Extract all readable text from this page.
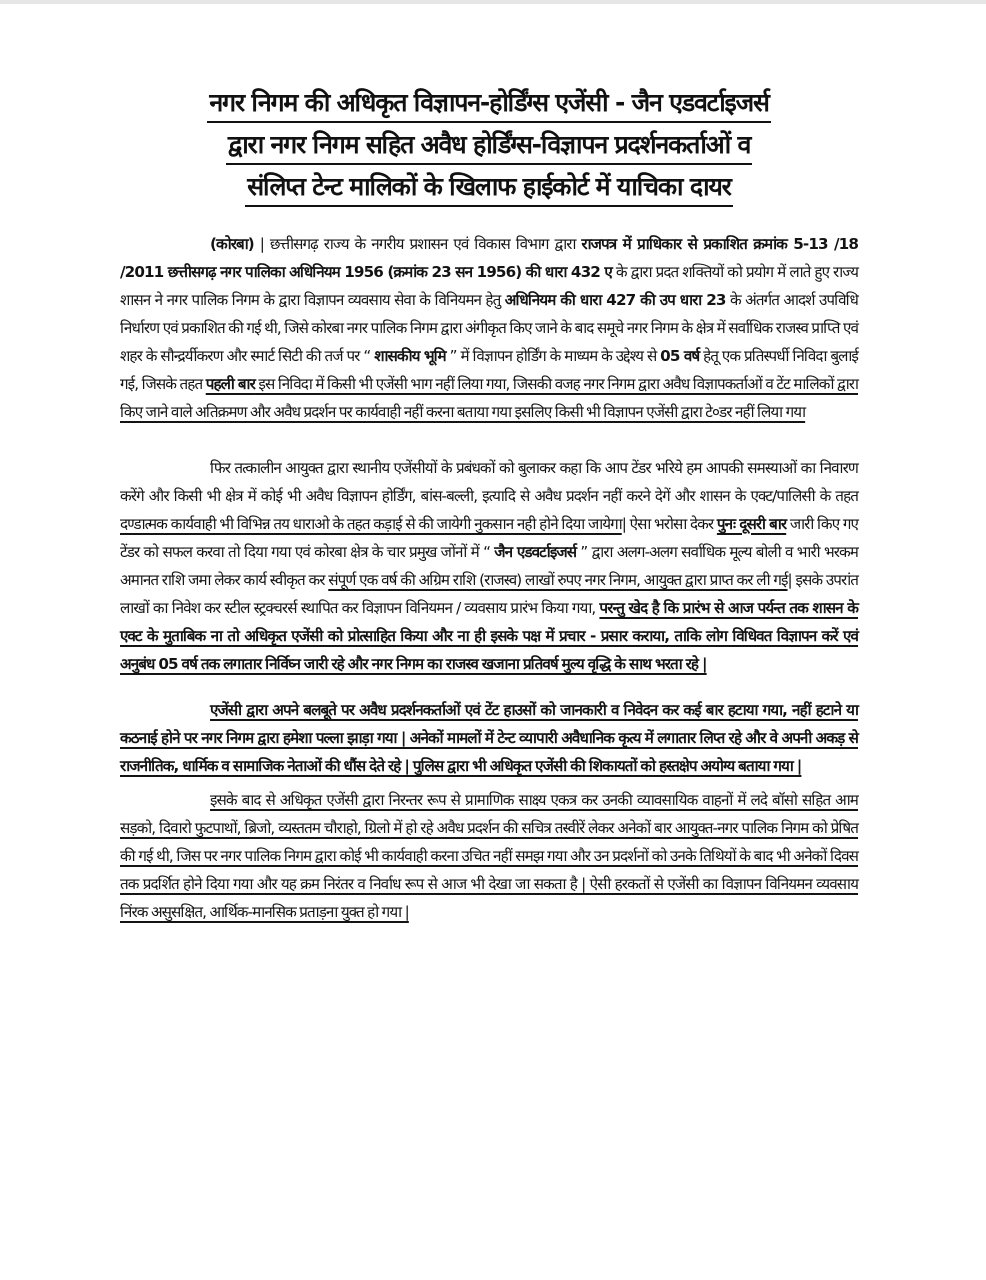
नगर निगम की अधिकृत विज्ञापन-होर्डिंग्स एजेंसी - जैन एडवर्टाइजर्स
द्वारा नगर निगम सहित अवैध होर्डिंग्स-विज्ञापन प्रदर्शनकर्ताओं व
संलिप्त टेन्ट मालिकों के खिलाफ हाईकोर्ट में याचिका दायर

(कोरबा) | छत्तीसगढ़ राज्य के नगरीय प्रशासन एवं विकास विभाग द्वारा राजपत्र में प्राधिकार से प्रकाशित क्रमांक 5-13 /18 /2011 छत्तीसगढ़ नगर पालिका अधिनियम 1956 (क्रमांक 23 सन 1956) की धारा 432 ए के द्वारा प्रदत शक्तियों को प्रयोग में लाते हुए राज्य शासन ने नगर पालिक निगम के द्वारा विज्ञापन व्यवसाय सेवा के विनियमन हेतु अधिनियम की धारा 427 की उप धारा 23 के अंतर्गत आदर्श उपविधि निर्धारण एवं प्रकाशित की गई थी, जिसे कोरबा नगर पालिक निगम द्वारा अंगीकृत किए जाने के बाद समूचे नगर निगम के क्षेत्र में सर्वाधिक राजस्व प्राप्ति एवं शहर के सौन्द्रर्यीकरण और स्मार्ट सिटी की तर्ज पर “ शासकीय भूमि ” में विज्ञापन होर्डिंग के माध्यम के उद्देश्य से 05 वर्ष हेतू एक प्रतिस्पर्धी निविदा बुलाई गई, जिसके तहत पहली बार इस निविदा में किसी भी एजेंसी भाग नहीं लिया गया, जिसकी वजह नगर निगम द्वारा अवैध विज्ञापकर्ताओं व टेंट मालिकों द्वारा किए जाने वाले अतिक्रमण और अवैध प्रदर्शन पर कार्यवाही नहीं करना बताया गया इसलिए किसी भी विज्ञापन एजेंसी द्वारा टे०डर नहीं लिया गया

फिर तत्कालीन आयुक्त द्वारा स्थानीय एजेंसीयों के प्रबंधकों को बुलाकर कहा कि आप टेंडर भरिये हम आपकी समस्याओं का निवारण करेंगे और किसी भी क्षेत्र में कोई भी अवैध विज्ञापन होर्डिंग, बांस-बल्ली, इत्यादि से अवैध प्रदर्शन नहीं करने देगें और शासन के एक्ट/पालिसी के तहत दण्डात्मक कार्यवाही भी विभिन्न तय धाराओ के तहत कड़ाई से की जायेगी नुकसान नही होने दिया जायेगा| ऐसा भरोसा देकर पुनः दूसरी बार जारी किए गए टेंडर को सफल करवा तो दिया गया एवं कोरबा क्षेत्र के चार प्रमुख जोंनों में “ जैन एडवर्टाइजर्स ” द्वारा अलग-अलग सर्वाधिक मूल्य बोली व भारी भरकम अमानत राशि जमा लेकर कार्य स्वीकृत कर संपूर्ण एक वर्ष की अग्रिम राशि (राजस्व) लाखों रुपए नगर निगम, आयुक्त द्वारा प्राप्त कर ली गई| इसके उपरांत लाखों का निवेश कर स्टील स्ट्रक्चरर्स स्थापित कर विज्ञापन विनियमन / व्यवसाय प्रारंभ किया गया, परन्तु खेद है कि प्रारंभ से आज पर्यन्त तक शासन के एक्ट के मुताबिक ना तो अधिकृत एजेंसी को प्रोत्साहित किया और ना ही इसके पक्ष में प्रचार - प्रसार कराया, ताकि लोग विधिवत विज्ञापन करें एवं अनुबंध 05 वर्ष तक लगातार निर्विघ्न जारी रहे और नगर निगम का राजस्व खजाना प्रतिवर्ष मुल्य वृद्धि के साथ भरता रहे |

एजेंसी द्वारा अपने बलबूते पर अवैध प्रदर्शनकर्ताओं एवं टेंट हाउसों को जानकारी व निवेदन कर कई बार हटाया गया, नहीं हटाने या कठनाई होने पर नगर निगम द्वारा हमेशा पल्ला झाड़ा गया | अनेकों मामलों में टेन्ट व्यापारी अवैधानिक कृत्य में लगातार लिप्त रहे और वे अपनी अकड़ से राजनीतिक, धार्मिक व सामाजिक नेताओं की धौंस देते रहे | पुलिस द्वारा भी अधिकृत एजेंसी की शिकायतों को हस्तक्षेप अयोग्य बताया गया |

इसके बाद से अधिकृत एजेंसी द्वारा निरन्तर रूप से प्रामाणिक साक्ष्य एकत्र कर उनकी व्यावसायिक वाहनों में लदे बॉसो सहित आम सड़को, दिवारो फुटपाथों, ब्रिजो, व्यस्ततम चौराहो, ग्रिलो में हो रहे अवैध प्रदर्शन की सचित्र तस्वीरें लेकर अनेकों बार आयुक्त-नगर पालिक निगम को प्रेषित की गई थी, जिस पर नगर पालिक निगम द्वारा कोई भी कार्यवाही करना उचित नहीं समझ गया और उन प्रदर्शनों को उनके तिथियों के बाद भी अनेकों दिवस तक प्रदर्शित होने दिया गया और यह क्रम निरंतर व निर्वाध रूप से आज भी देखा जा सकता है | ऐसी हरकतों से एजेंसी का विज्ञापन विनियमन व्यवसाय निंरक असुसक्षित, आर्थिक-मानसिक प्रताड़ना युक्त हो गया |
